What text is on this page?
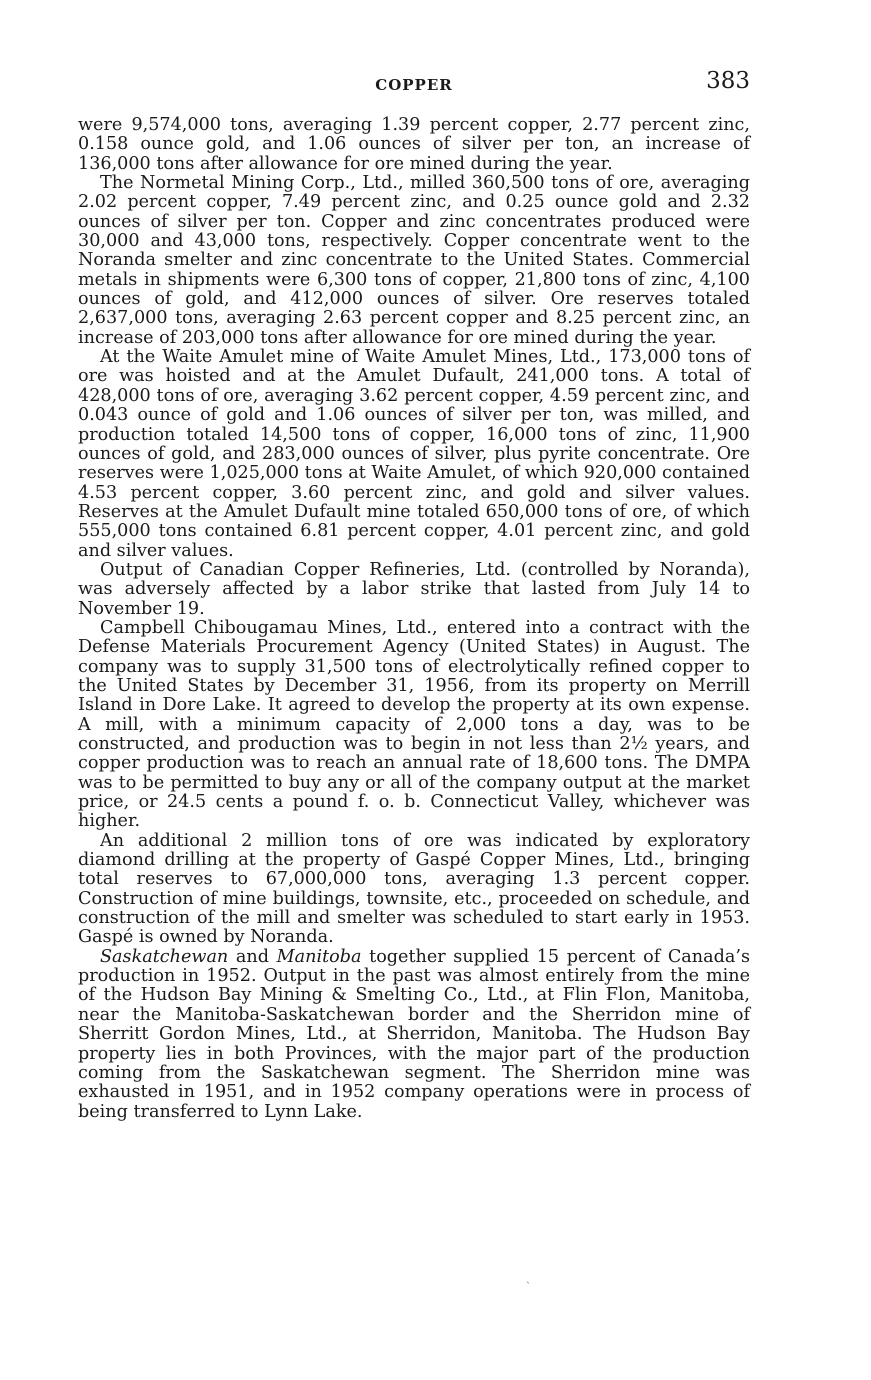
COPPER	383

were 9,574,000 tons, averaging 1.39 percent copper, 2.77 percent zinc, 0.158 ounce gold, and 1.06 ounces of silver per ton, an increase of 136,000 tons after allowance for ore mined during the year.

The Normetal Mining Corp., Ltd., milled 360,500 tons of ore, averaging 2.02 percent copper, 7.49 percent zinc, and 0.25 ounce gold and 2.32 ounces of silver per ton. Copper and zinc concentrates produced were 30,000 and 43,000 tons, respectively. Copper concentrate went to the Noranda smelter and zinc concentrate to the United States. Commercial metals in shipments were 6,300 tons of copper, 21,800 tons of zinc, 4,100 ounces of gold, and 412,000 ounces of silver. Ore reserves totaled 2,637,000 tons, averaging 2.63 percent copper and 8.25 percent zinc, an increase of 203,000 tons after allowance for ore mined during the year.

At the Waite Amulet mine of Waite Amulet Mines, Ltd., 173,000 tons of ore was hoisted and at the Amulet Dufault, 241,000 tons. A total of 428,000 tons of ore, averaging 3.62 percent copper, 4.59 percent zinc, and 0.043 ounce of gold and 1.06 ounces of silver per ton, was milled, and production totaled 14,500 tons of copper, 16,000 tons of zinc, 11,900 ounces of gold, and 283,000 ounces of silver, plus pyrite concentrate. Ore reserves were 1,025,000 tons at Waite Amulet, of which 920,000 contained 4.53 percent copper, 3.60 percent zinc, and gold and silver values. Reserves at the Amulet Dufault mine totaled 650,000 tons of ore, of which 555,000 tons contained 6.81 percent copper, 4.01 percent zinc, and gold and silver values.

Output of Canadian Copper Refineries, Ltd. (controlled by Noranda), was adversely affected by a labor strike that lasted from July 14 to November 19.

Campbell Chibougamau Mines, Ltd., entered into a contract with the Defense Materials Procurement Agency (United States) in August. The company was to supply 31,500 tons of electrolytically refined copper to the United States by December 31, 1956, from its property on Merrill Island in Dore Lake. It agreed to develop the property at its own expense. A mill, with a minimum capacity of 2,000 tons a day, was to be constructed, and production was to begin in not less than 2½ years, and copper production was to reach an annual rate of 18,600 tons. The DMPA was to be permitted to buy any or all of the company output at the market price, or 24.5 cents a pound f. o. b. Connecticut Valley, whichever was higher.

An additional 2 million tons of ore was indicated by exploratory diamond drilling at the property of Gaspé Copper Mines, Ltd., bringing total reserves to 67,000,000 tons, averaging 1.3 percent copper. Construction of mine buildings, townsite, etc., proceeded on schedule, and construction of the mill and smelter was scheduled to start early in 1953. Gaspé is owned by Noranda.

Saskatchewan and Manitoba together supplied 15 percent of Canada’s production in 1952. Output in the past was almost entirely from the mine of the Hudson Bay Mining & Smelting Co., Ltd., at Flin Flon, Manitoba, near the Manitoba-Saskatchewan border and the Sherridon mine of Sherritt Gordon Mines, Ltd., at Sherridon, Manitoba. The Hudson Bay property lies in both Provinces, with the major part of the production coming from the Saskatchewan segment. The Sherridon mine was exhausted in 1951, and in 1952 company operations were in process of being transferred to Lynn Lake.

ˏ
